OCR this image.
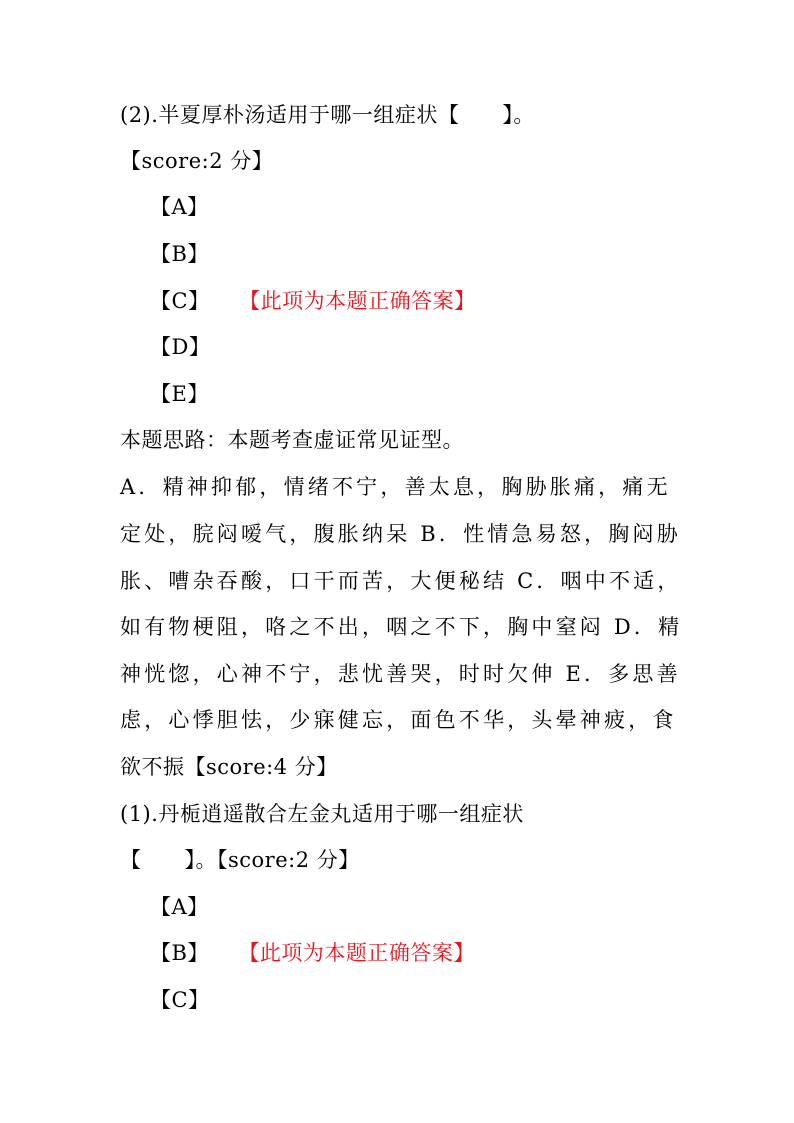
(2).半夏厚朴汤适用于哪一组症状【　　】。
【score:2 分】
【A】
【B】
【C】 【此项为本题正确答案】
【D】
【E】
本题思路：本题考查虚证常见证型。
A．精神抑郁，情绪不宁，善太息，胸胁胀痛，痛无
定处，脘闷嗳气，腹胀纳呆 B．性情急易怒，胸闷胁
胀、嘈杂吞酸，口干而苦，大便秘结 C．咽中不适，
如有物梗阻，咯之不出，咽之不下，胸中窒闷 D．精
神恍惚，心神不宁，悲忧善哭，时时欠伸 E．多思善
虑，心悸胆怯，少寐健忘，面色不华，头晕神疲，食
欲不振【score:4 分】
(1).丹栀逍遥散合左金丸适用于哪一组症状
【　　】。【score:2 分】
【A】
【B】 【此项为本题正确答案】
【C】
